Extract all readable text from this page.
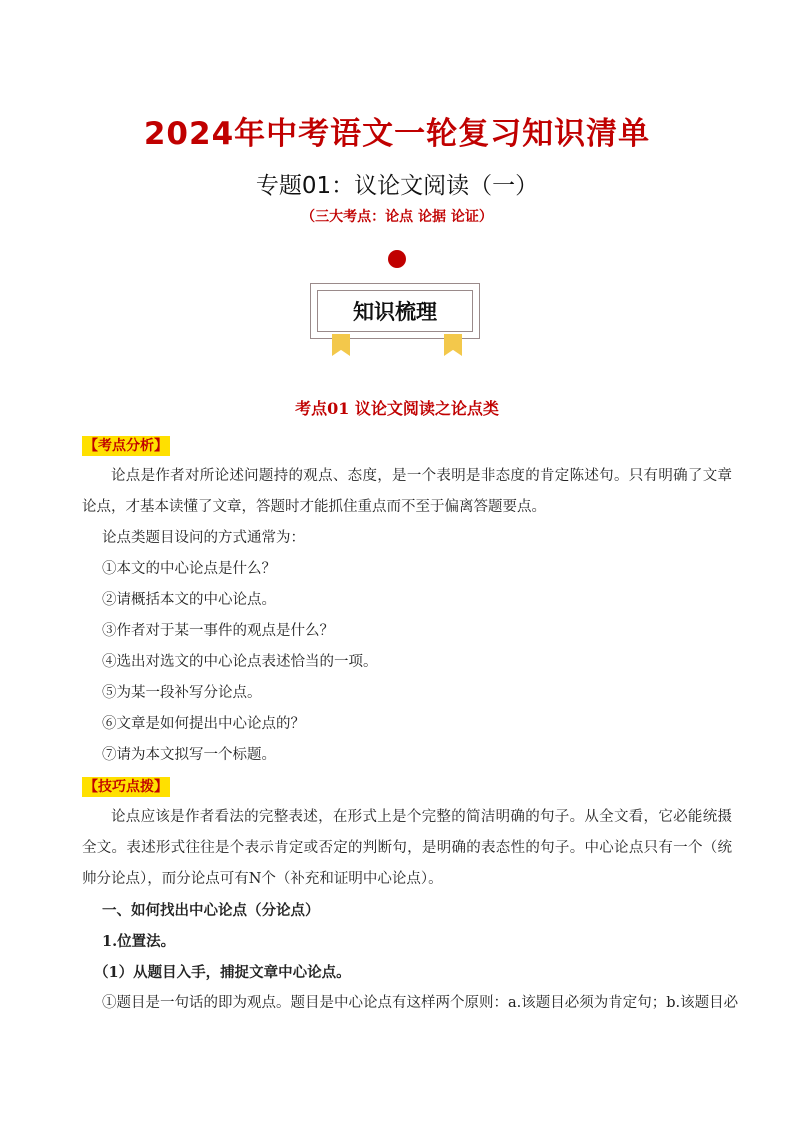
2024年中考语文一轮复习知识清单
专题01：议论文阅读（一）
（三大考点：论点 论据 论证）
知识梳理
考点01 议论文阅读之论点类
【考点分析】
论点是作者对所论述问题持的观点、态度，是一个表明是非态度的肯定陈述句。只有明确了文章论点，才基本读懂了文章，答题时才能抓住重点而不至于偏离答题要点。
论点类题目设问的方式通常为：
①本文的中心论点是什么？
②请概括本文的中心论点。
③作者对于某一事件的观点是什么？
④选出对选文的中心论点表述恰当的一项。
⑤为某一段补写分论点。
⑥文章是如何提出中心论点的？
⑦请为本文拟写一个标题。
【技巧点拨】
论点应该是作者看法的完整表述，在形式上是个完整的简洁明确的句子。从全文看，它必能统摄全文。表述形式往往是个表示肯定或否定的判断句，是明确的表态性的句子。中心论点只有一个（统帅分论点），而分论点可有N个（补充和证明中心论点）。
一、如何找出中心论点（分论点）
1.位置法。
（1）从题目入手，捕捉文章中心论点。
①题目是一句话的即为观点。题目是中心论点有这样两个原则：a.该题目必须为肯定句；b.该题目必
